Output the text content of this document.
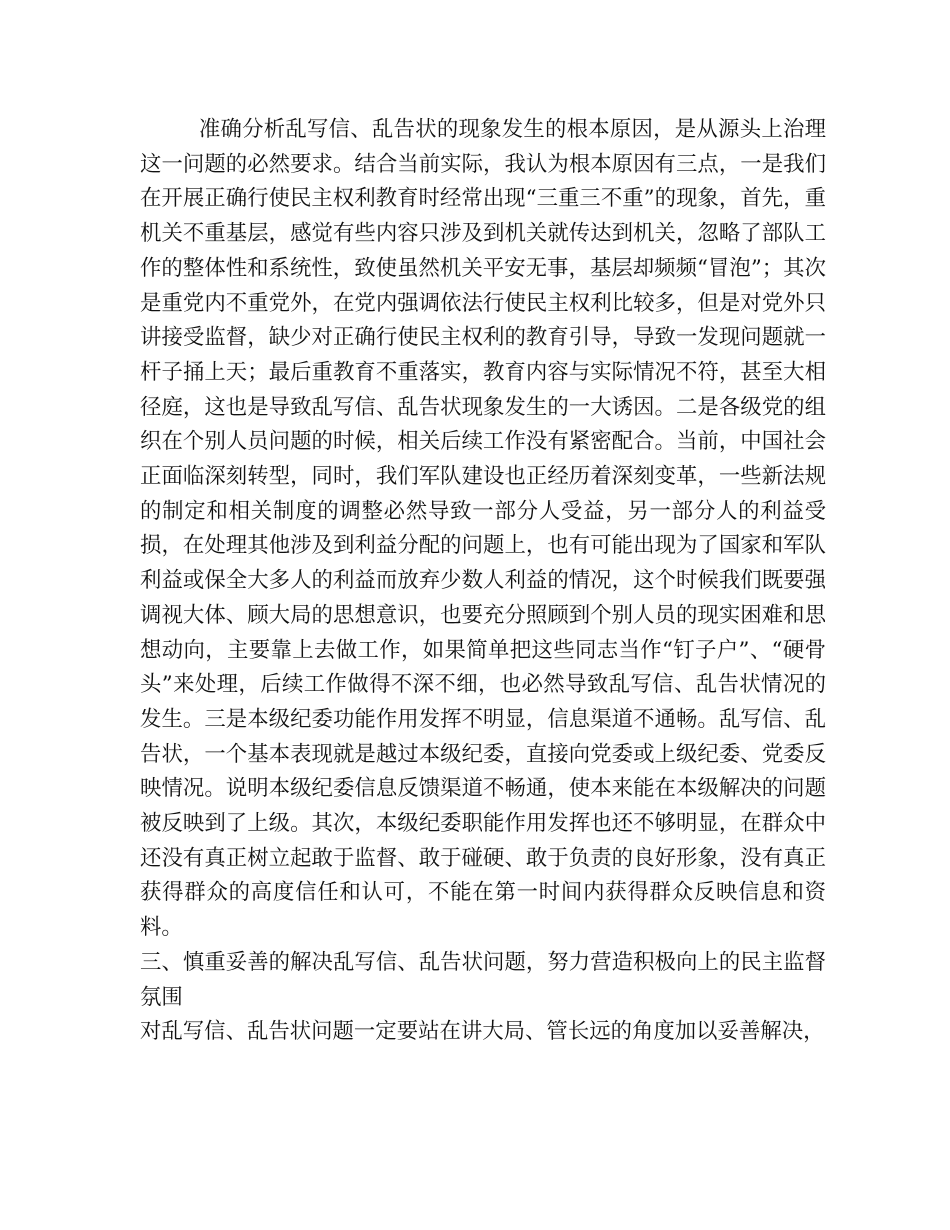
准确分析乱写信、乱告状的现象发生的根本原因，是从源头上治理这一问题的必然要求。结合当前实际，我认为根本原因有三点，一是我们在开展正确行使民主权利教育时经常出现“三重三不重”的现象，首先，重机关不重基层，感觉有些内容只涉及到机关就传达到机关，忽略了部队工作的整体性和系统性，致使虽然机关平安无事，基层却频频“冒泡”；其次是重党内不重党外，在党内强调依法行使民主权利比较多，但是对党外只讲接受监督，缺少对正确行使民主权利的教育引导，导致一发现问题就一杆子捅上天；最后重教育不重落实，教育内容与实际情况不符，甚至大相径庭，这也是导致乱写信、乱告状现象发生的一大诱因。二是各级党的组织在个别人员问题的时候，相关后续工作没有紧密配合。当前，中国社会正面临深刻转型，同时，我们军队建设也正经历着深刻变革，一些新法规的制定和相关制度的调整必然导致一部分人受益，另一部分人的利益受损，在处理其他涉及到利益分配的问题上，也有可能出现为了国家和军队利益或保全大多人的利益而放弃少数人利益的情况，这个时候我们既要强调视大体、顾大局的思想意识，也要充分照顾到个别人员的现实困难和思想动向，主要靠上去做工作，如果简单把这些同志当作“钉子户”、“硬骨头”来处理，后续工作做得不深不细，也必然导致乱写信、乱告状情况的发生。三是本级纪委功能作用发挥不明显，信息渠道不通畅。乱写信、乱告状，一个基本表现就是越过本级纪委，直接向党委或上级纪委、党委反映情况。说明本级纪委信息反馈渠道不畅通，使本来能在本级解决的问题被反映到了上级。其次，本级纪委职能作用发挥也还不够明显，在群众中还没有真正树立起敢于监督、敢于碰硬、敢于负责的良好形象，没有真正获得群众的高度信任和认可，不能在第一时间内获得群众反映信息和资料。

三、慎重妥善的解决乱写信、乱告状问题，努力营造积极向上的民主监督氛围

对乱写信、乱告状问题一定要站在讲大局、管长远的角度加以妥善解决，
